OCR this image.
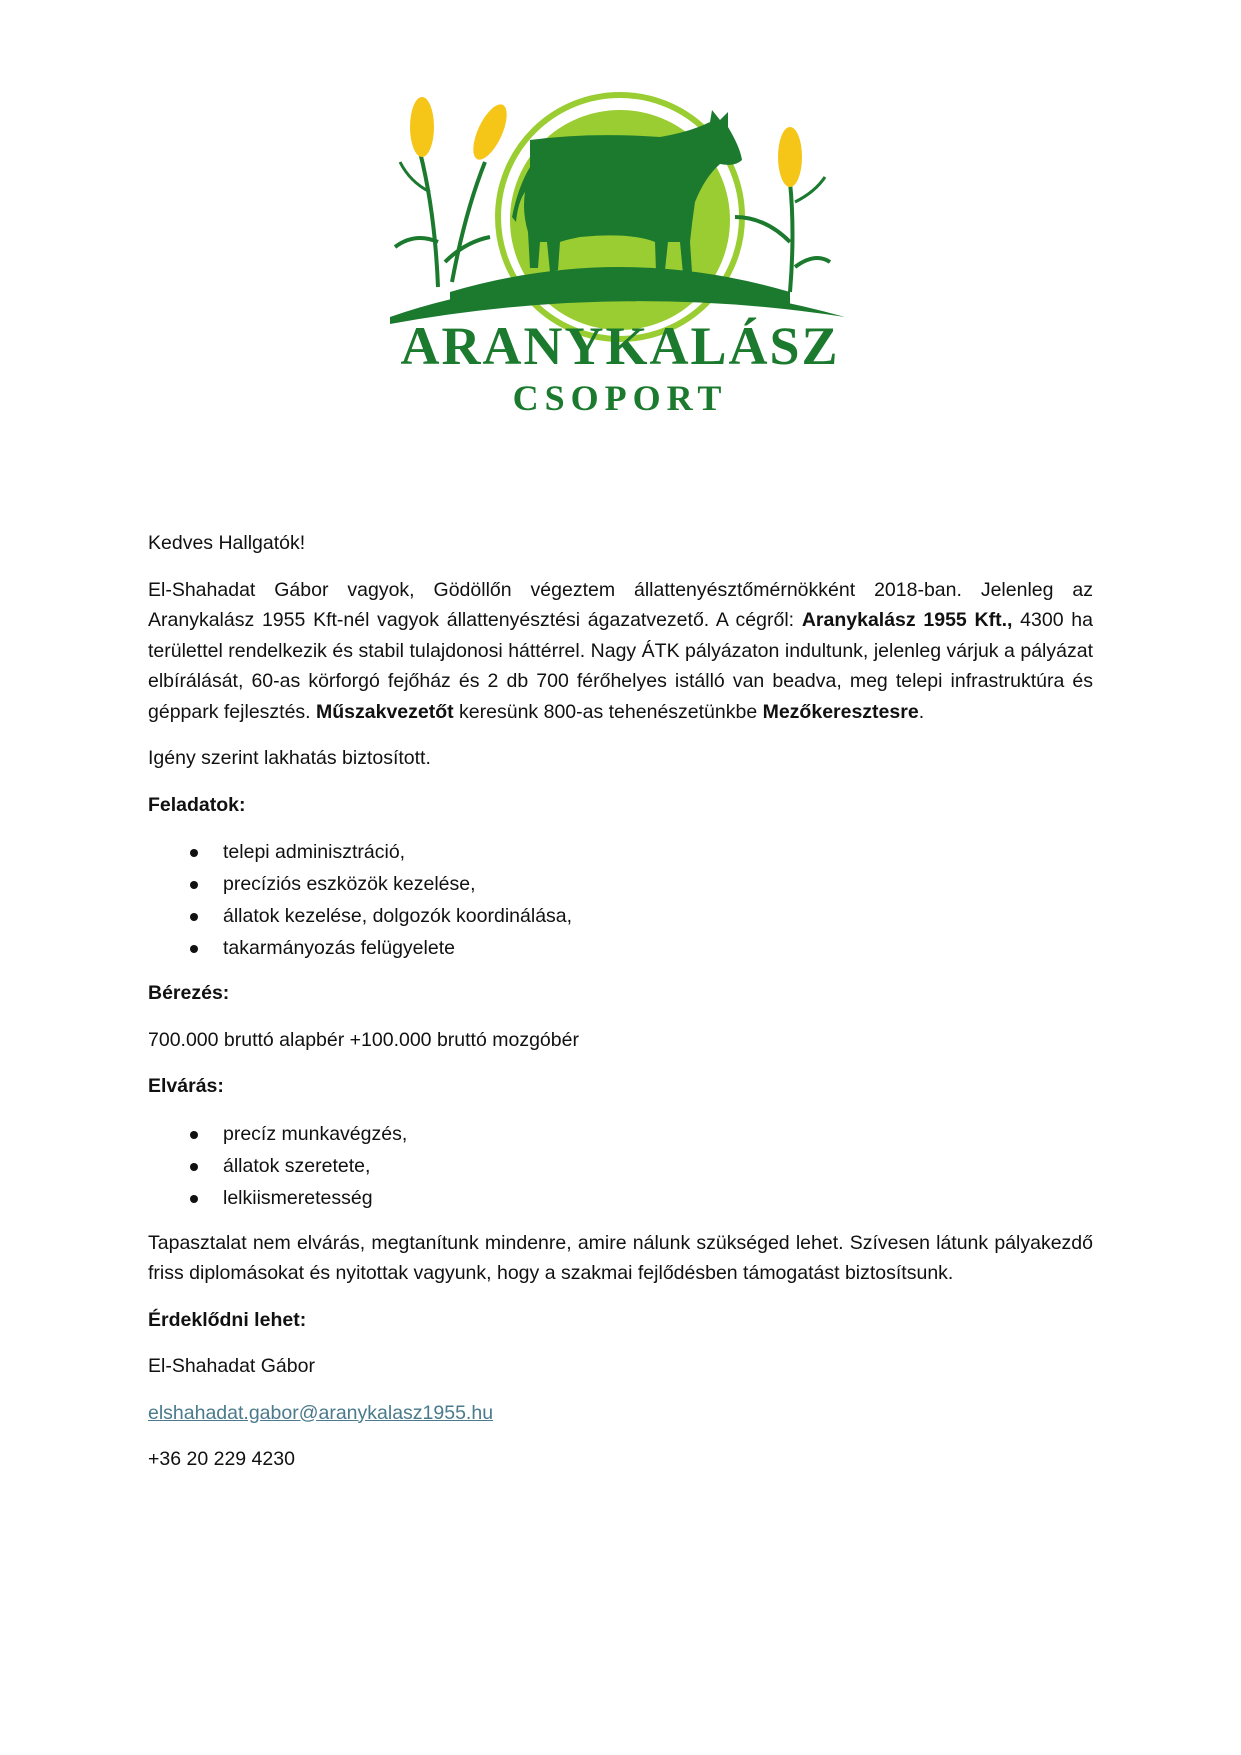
ARANYKALÁSZ
CSOPORT

Kedves Hallgatók!

El-Shahadat Gábor vagyok, Gödöllőn végeztem állattenyésztőmérnökként 2018-ban. Jelenleg az Aranykalász 1955 Kft-nél vagyok állattenyésztési ágazatvezető. A cégről: Aranykalász 1955 Kft., 4300 ha területtel rendelkezik és stabil tulajdonosi háttérrel. Nagy ÁTK pályázaton indultunk, jelenleg várjuk a pályázat elbírálását, 60-as körforgó fejőház és 2 db 700 férőhelyes istálló van beadva, meg telepi infrastruktúra és géppark fejlesztés. Műszakvezetőt keresünk 800-as tehenészetünkbe Mezőkeresztesre.

Igény szerint lakhatás biztosított.

Feladatok:

telepi adminisztráció,
precíziós eszközök kezelése,
állatok kezelése, dolgozók koordinálása,
takarmányozás felügyelete

Bérezés:

700.000 bruttó alapbér +100.000 bruttó mozgóbér

Elvárás:

precíz munkavégzés,
állatok szeretete,
lelkiismeretesség

Tapasztalat nem elvárás, megtanítunk mindenre, amire nálunk szükséged lehet. Szívesen látunk pályakezdő friss diplomásokat és nyitottak vagyunk, hogy a szakmai fejlődésben támogatást biztosítsunk.

Érdeklődni lehet:

El-Shahadat Gábor

elshahadat.gabor@aranykalasz1955.hu

+36 20 229 4230
